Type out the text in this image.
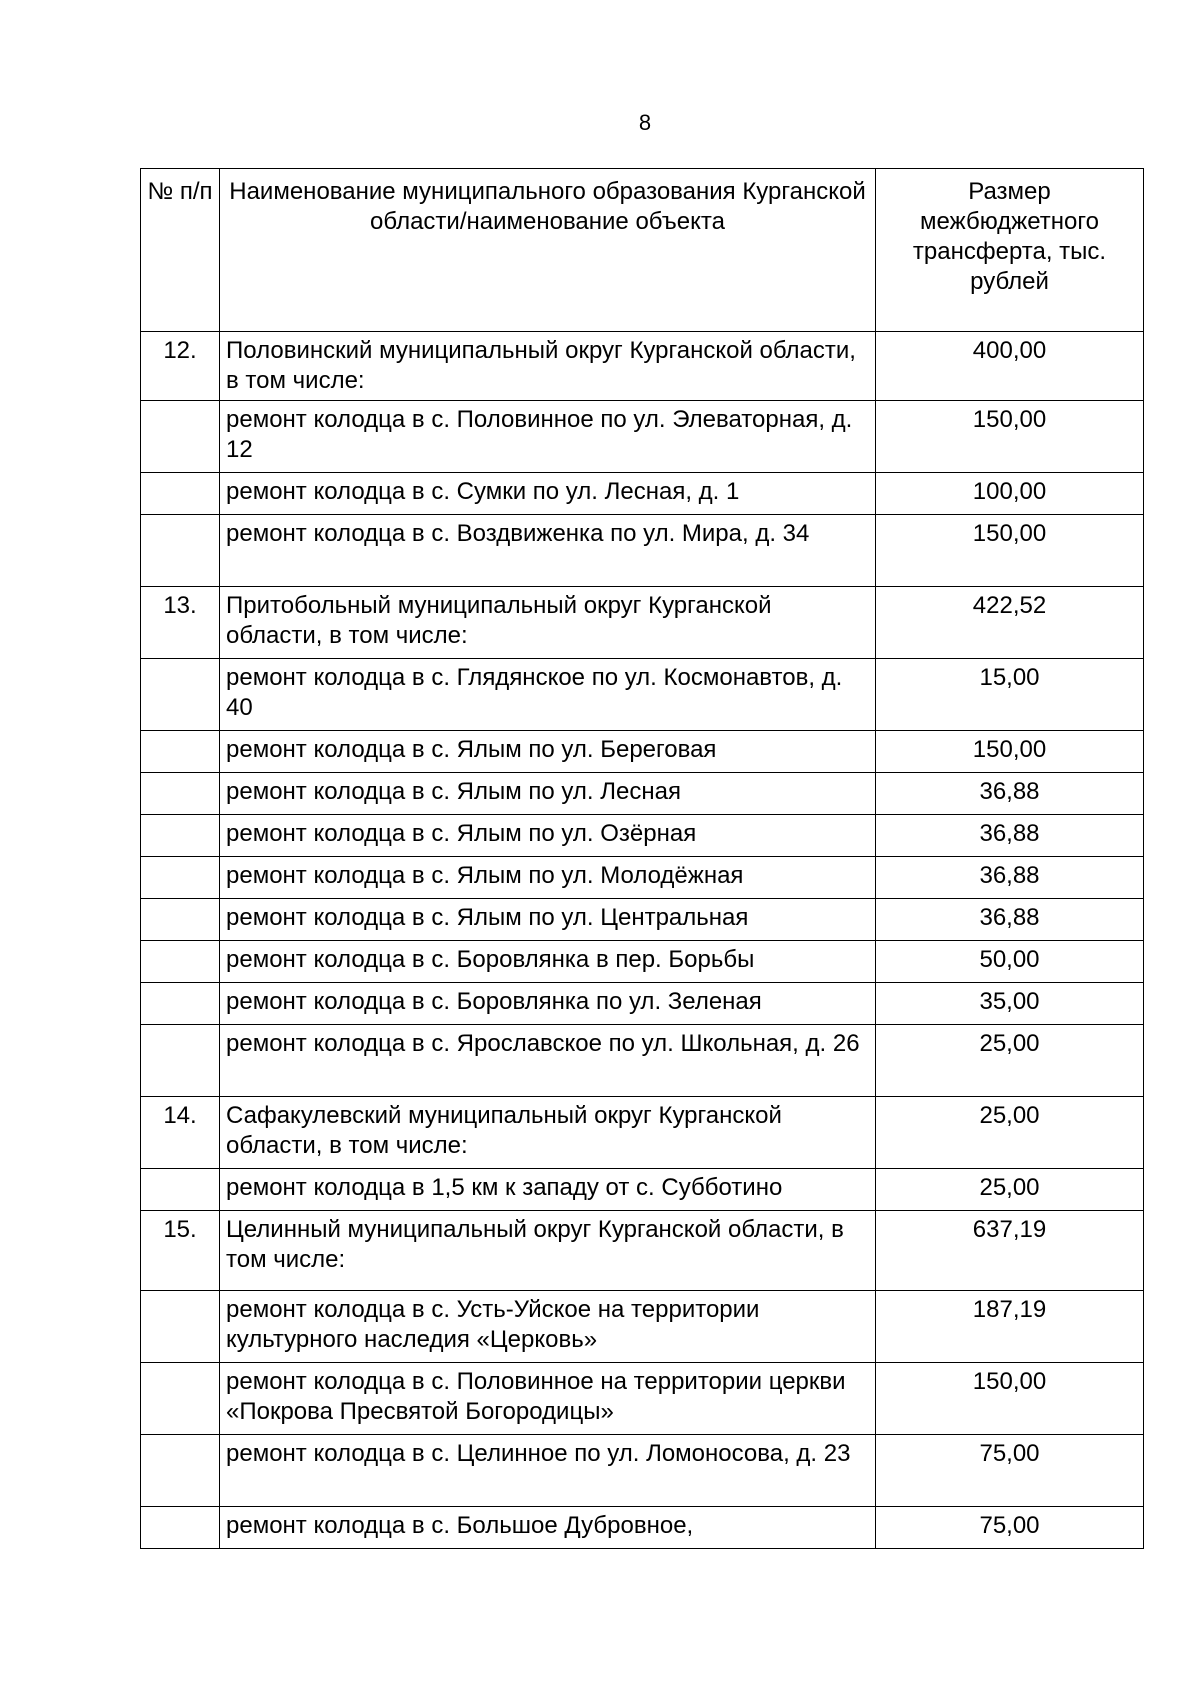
8
№ п/п	Наименование муниципального образования Курганской области/наименование объекта	Размер межбюджетного трансферта, тыс. рублей
12.	Половинский муниципальный округ Курганской области, в том числе:	400,00
	ремонт колодца в с. Половинное по ул. Элеваторная, д. 12	150,00
	ремонт колодца в с. Сумки по ул. Лесная, д. 1	100,00
	ремонт колодца в с. Воздвиженка по ул. Мира, д. 34	150,00
13.	Притобольный муниципальный округ Курганской области, в том числе:	422,52
	ремонт колодца в с. Глядянское по ул. Космонавтов, д. 40	15,00
	ремонт колодца в с. Ялым по ул. Береговая	150,00
	ремонт колодца в с. Ялым по ул. Лесная	36,88
	ремонт колодца в с. Ялым по ул. Озёрная	36,88
	ремонт колодца в с. Ялым по ул. Молодёжная	36,88
	ремонт колодца в с. Ялым по ул. Центральная	36,88
	ремонт колодца в с. Боровлянка в пер. Борьбы	50,00
	ремонт колодца в с. Боровлянка по ул. Зеленая	35,00
	ремонт колодца в с. Ярославское по ул. Школьная, д. 26	25,00
14.	Сафакулевский муниципальный округ Курганской области, в том числе:	25,00
	ремонт колодца в 1,5 км к западу от с. Субботино	25,00
15.	Целинный муниципальный округ Курганской области, в том числе:	637,19
	ремонт колодца в с. Усть-Уйское на территории культурного наследия «Церковь»	187,19
	ремонт колодца в с. Половинное на территории церкви «Покрова Пресвятой Богородицы»	150,00
	ремонт колодца в с. Целинное по ул. Ломоносова, д. 23	75,00
	ремонт колодца в с. Большое Дубровное,	75,00
